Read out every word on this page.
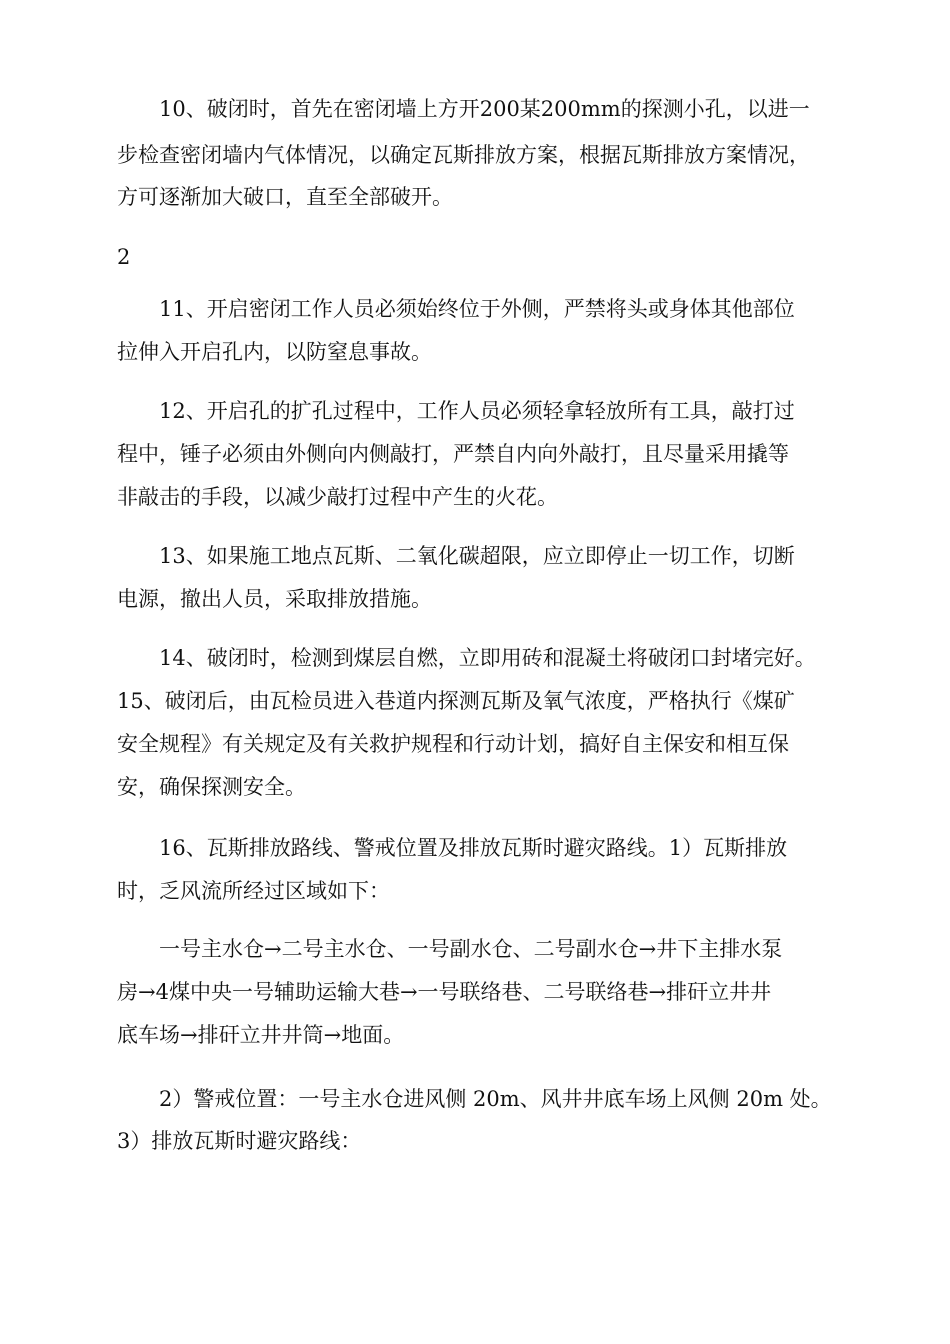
10、破闭时，首先在密闭墙上方开200某200mm的探测小孔，以进一
步检查密闭墙内气体情况，以确定瓦斯排放方案，根据瓦斯排放方案情况，
方可逐渐加大破口，直至全部破开。
2
11、开启密闭工作人员必须始终位于外侧，严禁将头或身体其他部位
拉伸入开启孔内，以防窒息事故。
12、开启孔的扩孔过程中，工作人员必须轻拿轻放所有工具，敲打过
程中，锤子必须由外侧向内侧敲打，严禁自内向外敲打，且尽量采用撬等
非敲击的手段，以减少敲打过程中产生的火花。
13、如果施工地点瓦斯、二氧化碳超限，应立即停止一切工作，切断
电源，撤出人员，采取排放措施。
14、破闭时，检测到煤层自燃，立即用砖和混凝土将破闭口封堵完好。
15、破闭后，由瓦检员进入巷道内探测瓦斯及氧气浓度，严格执行《煤矿
安全规程》有关规定及有关救护规程和行动计划，搞好自主保安和相互保
安，确保探测安全。
16、瓦斯排放路线、警戒位置及排放瓦斯时避灾路线。1）瓦斯排放
时，乏风流所经过区域如下：
一号主水仓→二号主水仓、一号副水仓、二号副水仓→井下主排水泵
房→4煤中央一号辅助运输大巷→一号联络巷、二号联络巷→排矸立井井
底车场→排矸立井井筒→地面。
2）警戒位置：一号主水仓进风侧 20m、风井井底车场上风侧 20m 处。
3）排放瓦斯时避灾路线：
